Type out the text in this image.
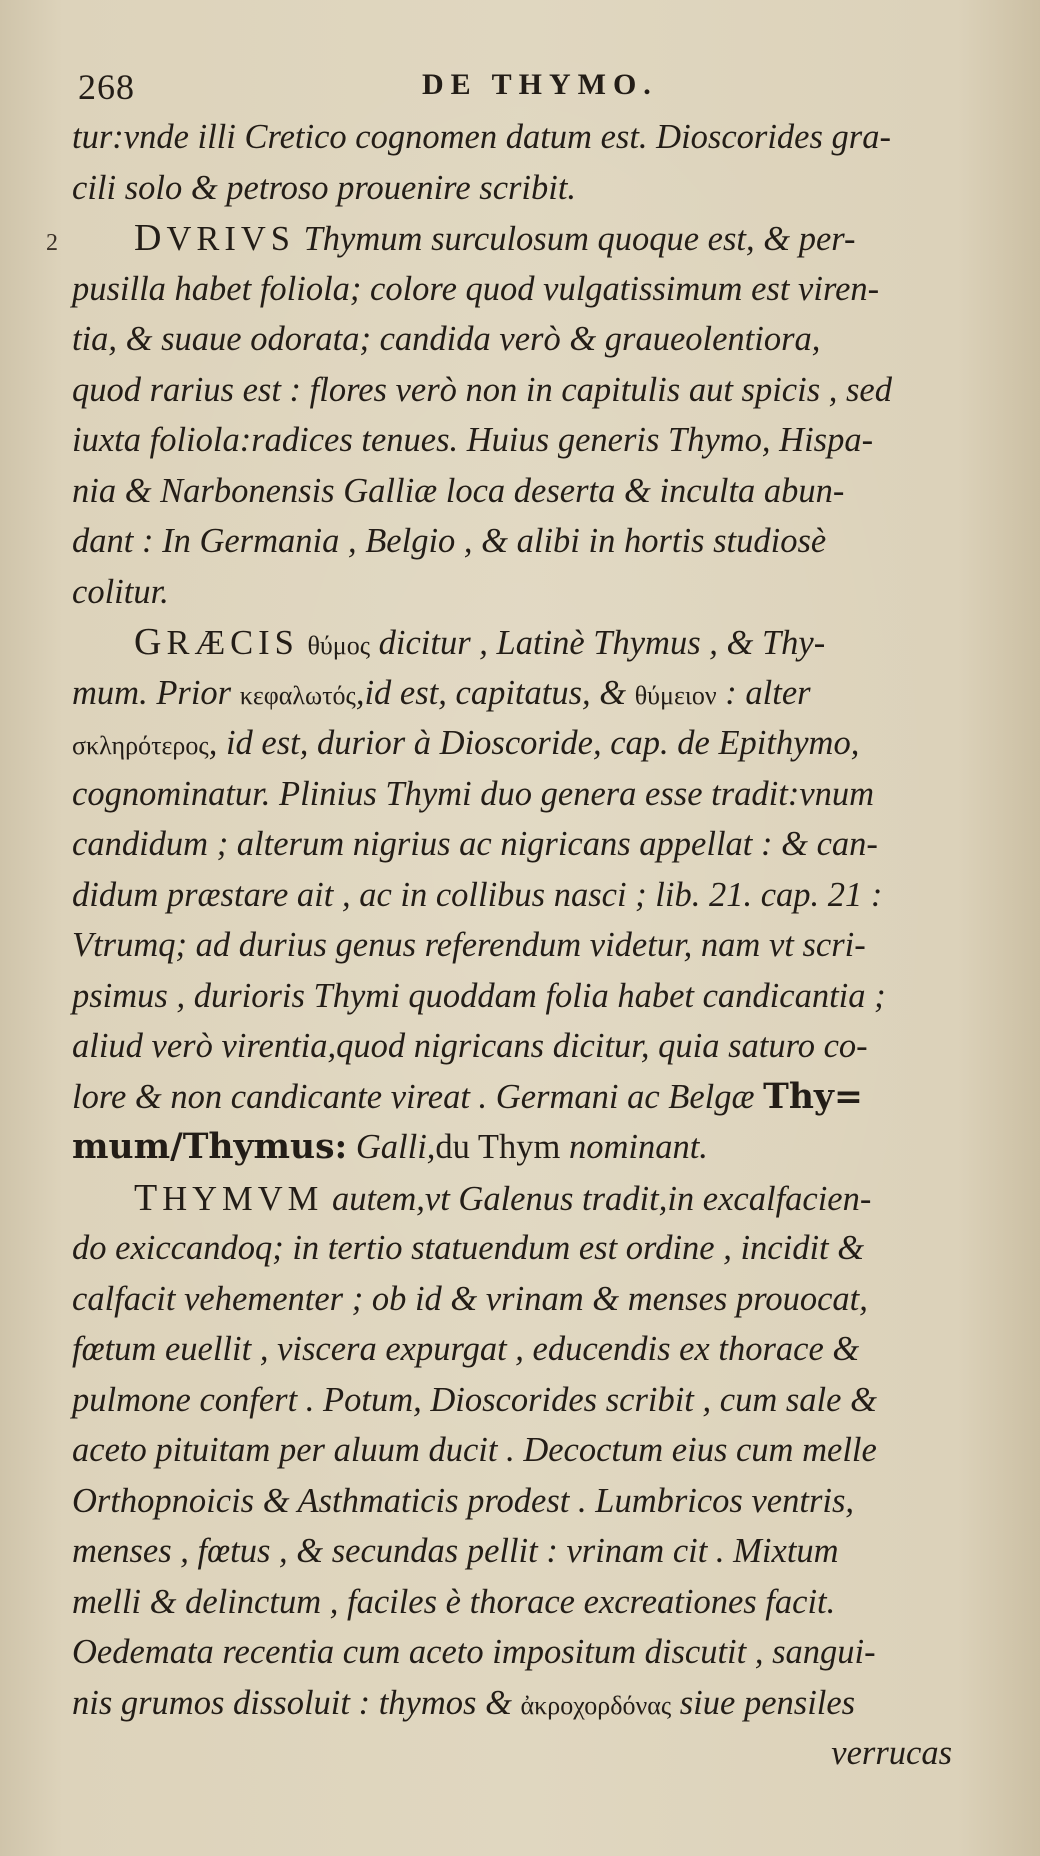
268	DE THYMO.
2
tur:vnde illi Cretico cognomen datum est. Dioscorides gra-
cili solo & petroso prouenire scribit.
DVRIVS Thymum surculosum quoque est, & per-
pusilla habet foliola; colore quod vulgatissimum est viren-
tia, & suaue odorata; candida verò & graueolentiora,
quod rarius est : flores verò non in capitulis aut spicis , sed
iuxta foliola:radices tenues. Huius generis Thymo, Hispa-
nia & Narbonensis Galliæ loca deserta & inculta abun-
dant : In Germania , Belgio , & alibi in hortis studiosè
colitur.
GRÆCIS θύμος dicitur , Latinè Thymus , & Thy-
mum. Prior κεφαλωτός,id est, capitatus, & θύμειον : alter
σκληρότερος, id est, durior à Dioscoride, cap. de Epithymo,
cognominatur. Plinius Thymi duo genera esse tradit:vnum
candidum ; alterum nigrius ac nigricans appellat : & can-
didum præstare ait , ac in collibus nasci ; lib. 21. cap. 21 :
Vtrumq; ad durius genus referendum videtur, nam vt scri-
psimus , durioris Thymi quoddam folia habet candicantia ;
aliud verò virentia,quod nigricans dicitur, quia saturo co-
lore & non candicante vireat . Germani ac Belgæ Thy=
mum/Thymus: Galli,du Thym nominant.
THYMVM autem,vt Galenus tradit,in excalfacien-
do exiccandoq; in tertio statuendum est ordine , incidit &
calfacit vehementer ; ob id & vrinam & menses prouocat,
fœtum euellit , viscera expurgat , educendis ex thorace &
pulmone confert . Potum, Dioscorides scribit , cum sale &
aceto pituitam per aluum ducit . Decoctum eius cum melle
Orthopnoicis & Asthmaticis prodest . Lumbricos ventris,
menses , fœtus , & secundas pellit : vrinam cit . Mixtum
melli & delinctum , faciles è thorace excreationes facit.
Oedemata recentia cum aceto impositum discutit , sangui-
nis grumos dissoluit : thymos & ἀκροχορδόνας siue pensiles
verrucas
